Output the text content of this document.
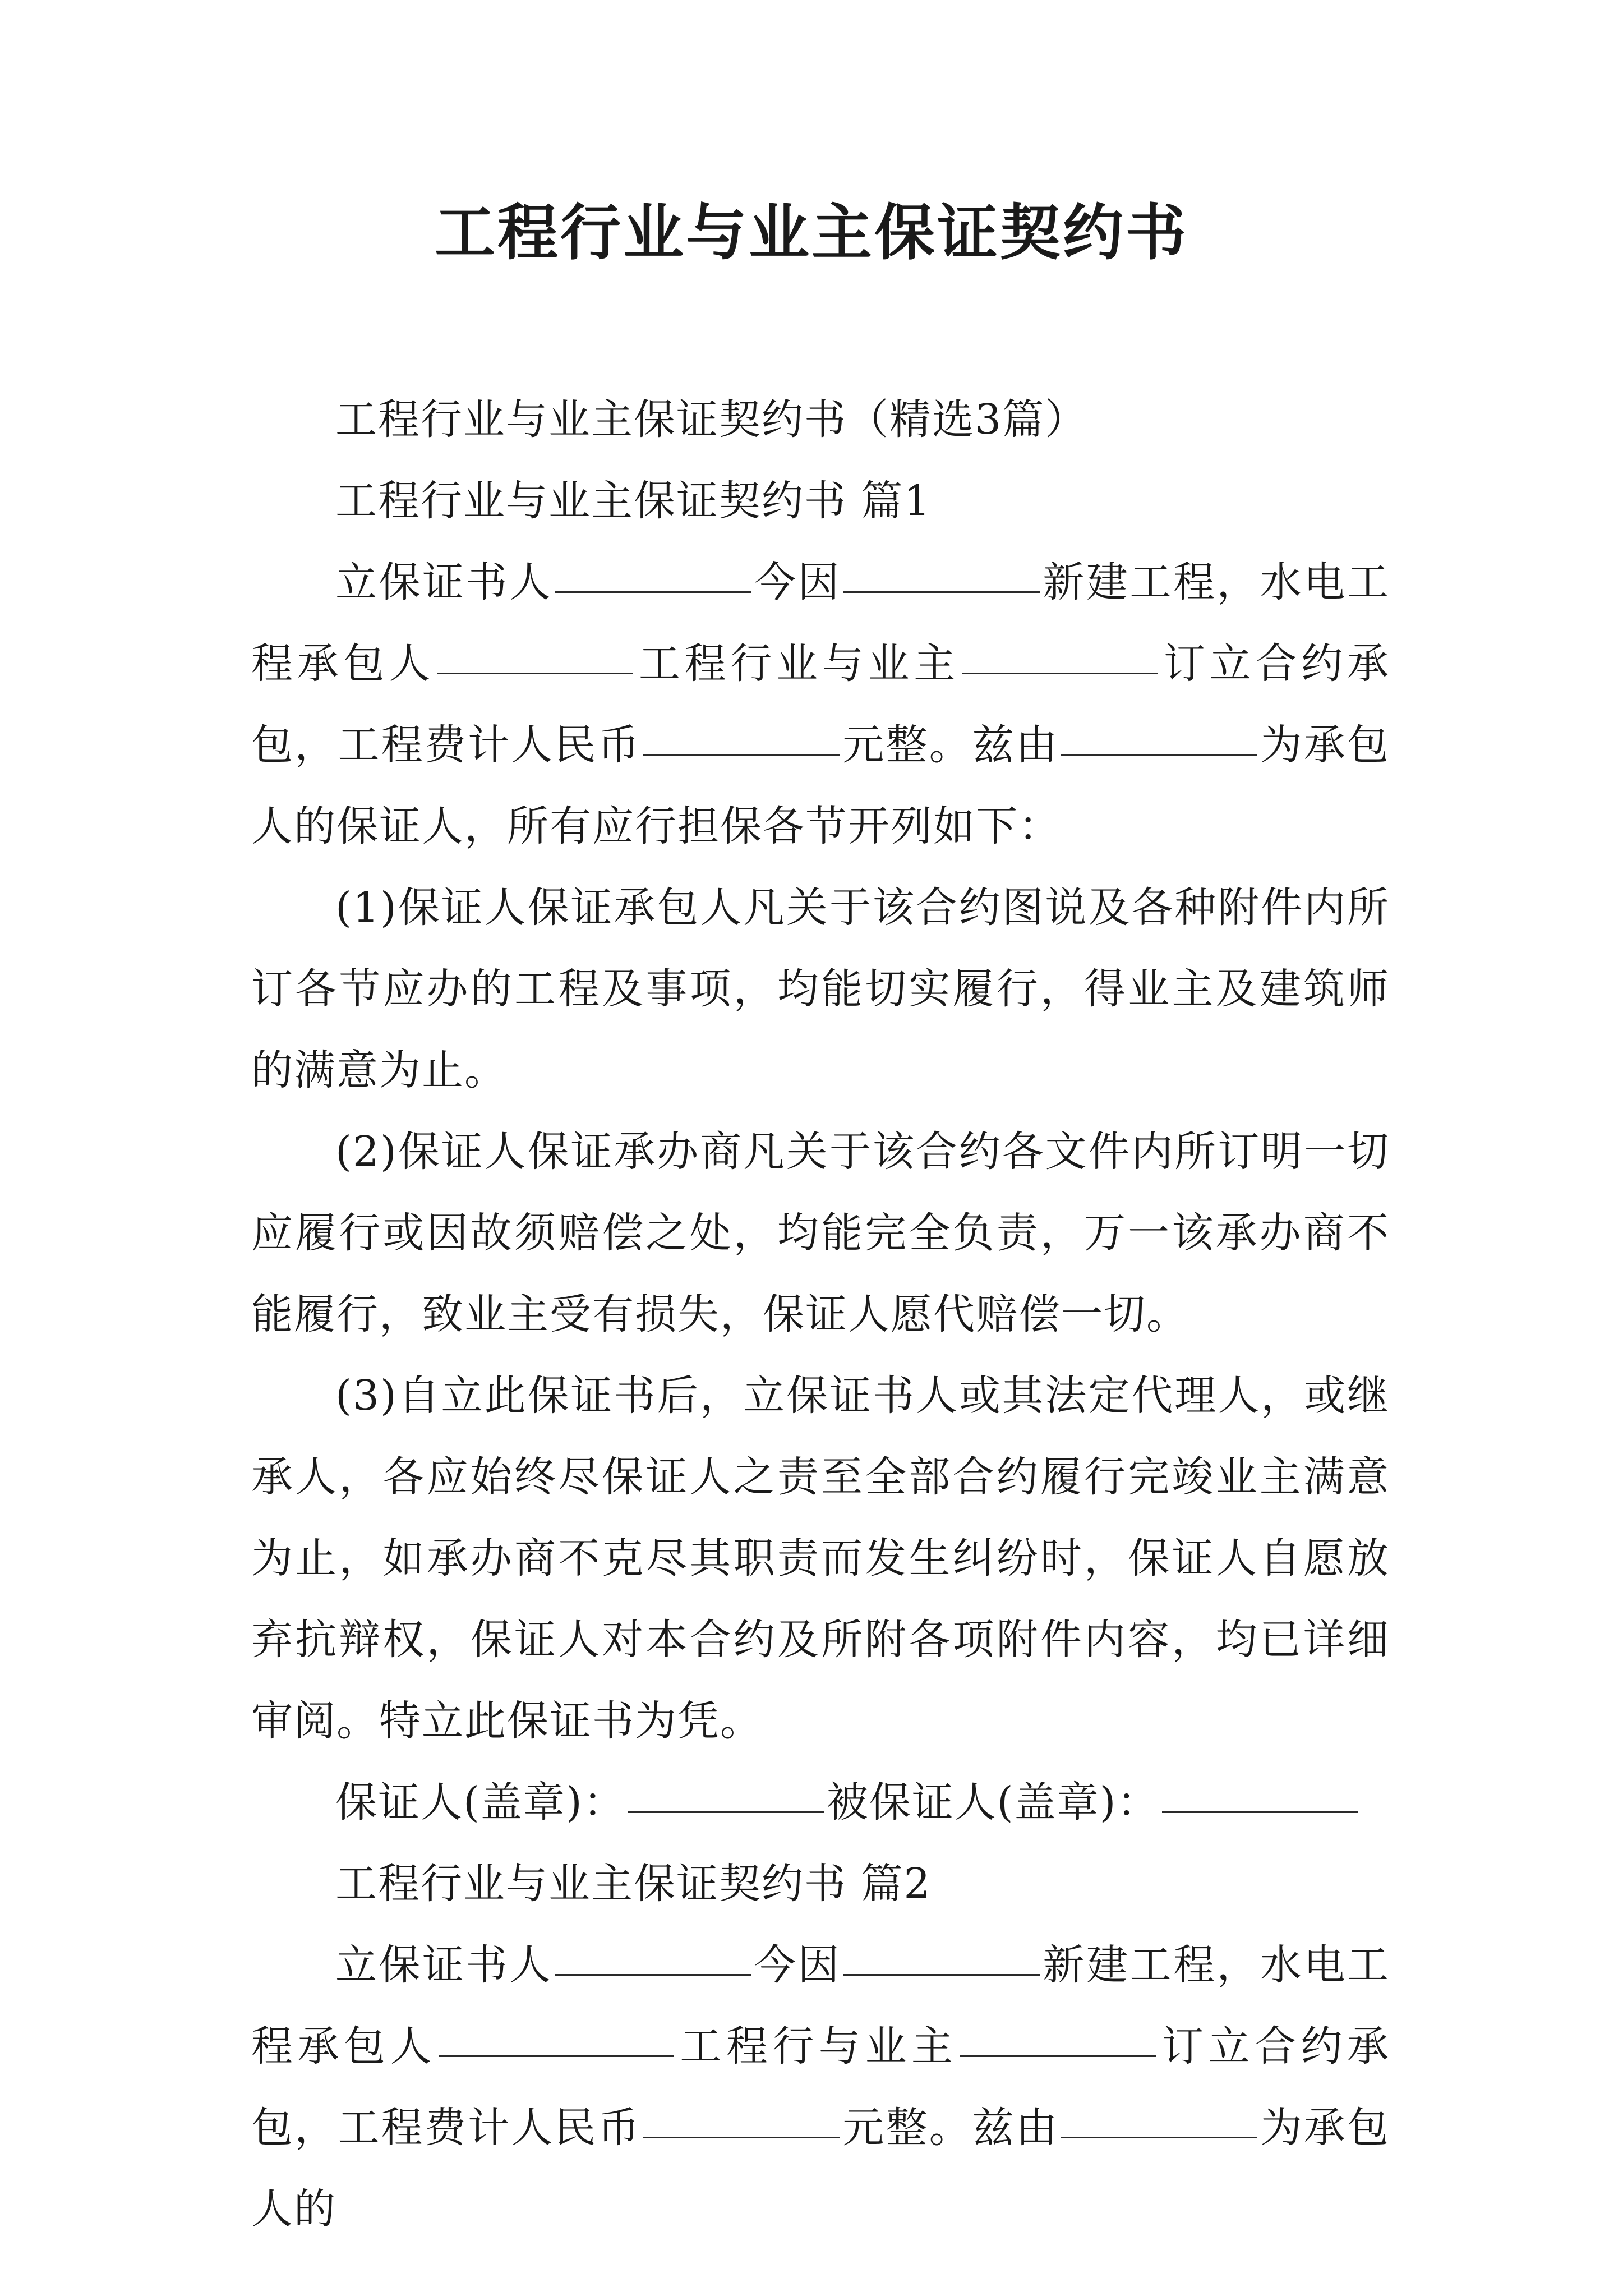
工程行业与业主保证契约书

工程行业与业主保证契约书（精选3篇）

工程行业与业主保证契约书 篇1

立保证书人	今因	新建工程，水电工程承包人	工程行业与业主	订立合约承包，工程费计人民币	元整。兹由	为承包人的保证人，所有应行担保各节开列如下：

(1)保证人保证承包人凡关于该合约图说及各种附件内所订各节应办的工程及事项，均能切实履行，得业主及建筑师的满意为止。

(2)保证人保证承办商凡关于该合约各文件内所订明一切应履行或因故须赔偿之处，均能完全负责，万一该承办商不能履行，致业主受有损失，保证人愿代赔偿一切。

(3)自立此保证书后，立保证书人或其法定代理人，或继承人，各应始终尽保证人之责至全部合约履行完竣业主满意为止，如承办商不克尽其职责而发生纠纷时，保证人自愿放弃抗辩权，保证人对本合约及所附各项附件内容，均已详细审阅。特立此保证书为凭。

保证人(盖章)：	被保证人(盖章)：

工程行业与业主保证契约书 篇2

立保证书人	今因	新建工程，水电工程承包人	工程行与业主	订立合约承包，工程费计人民币	元整。兹由	为承包人的
